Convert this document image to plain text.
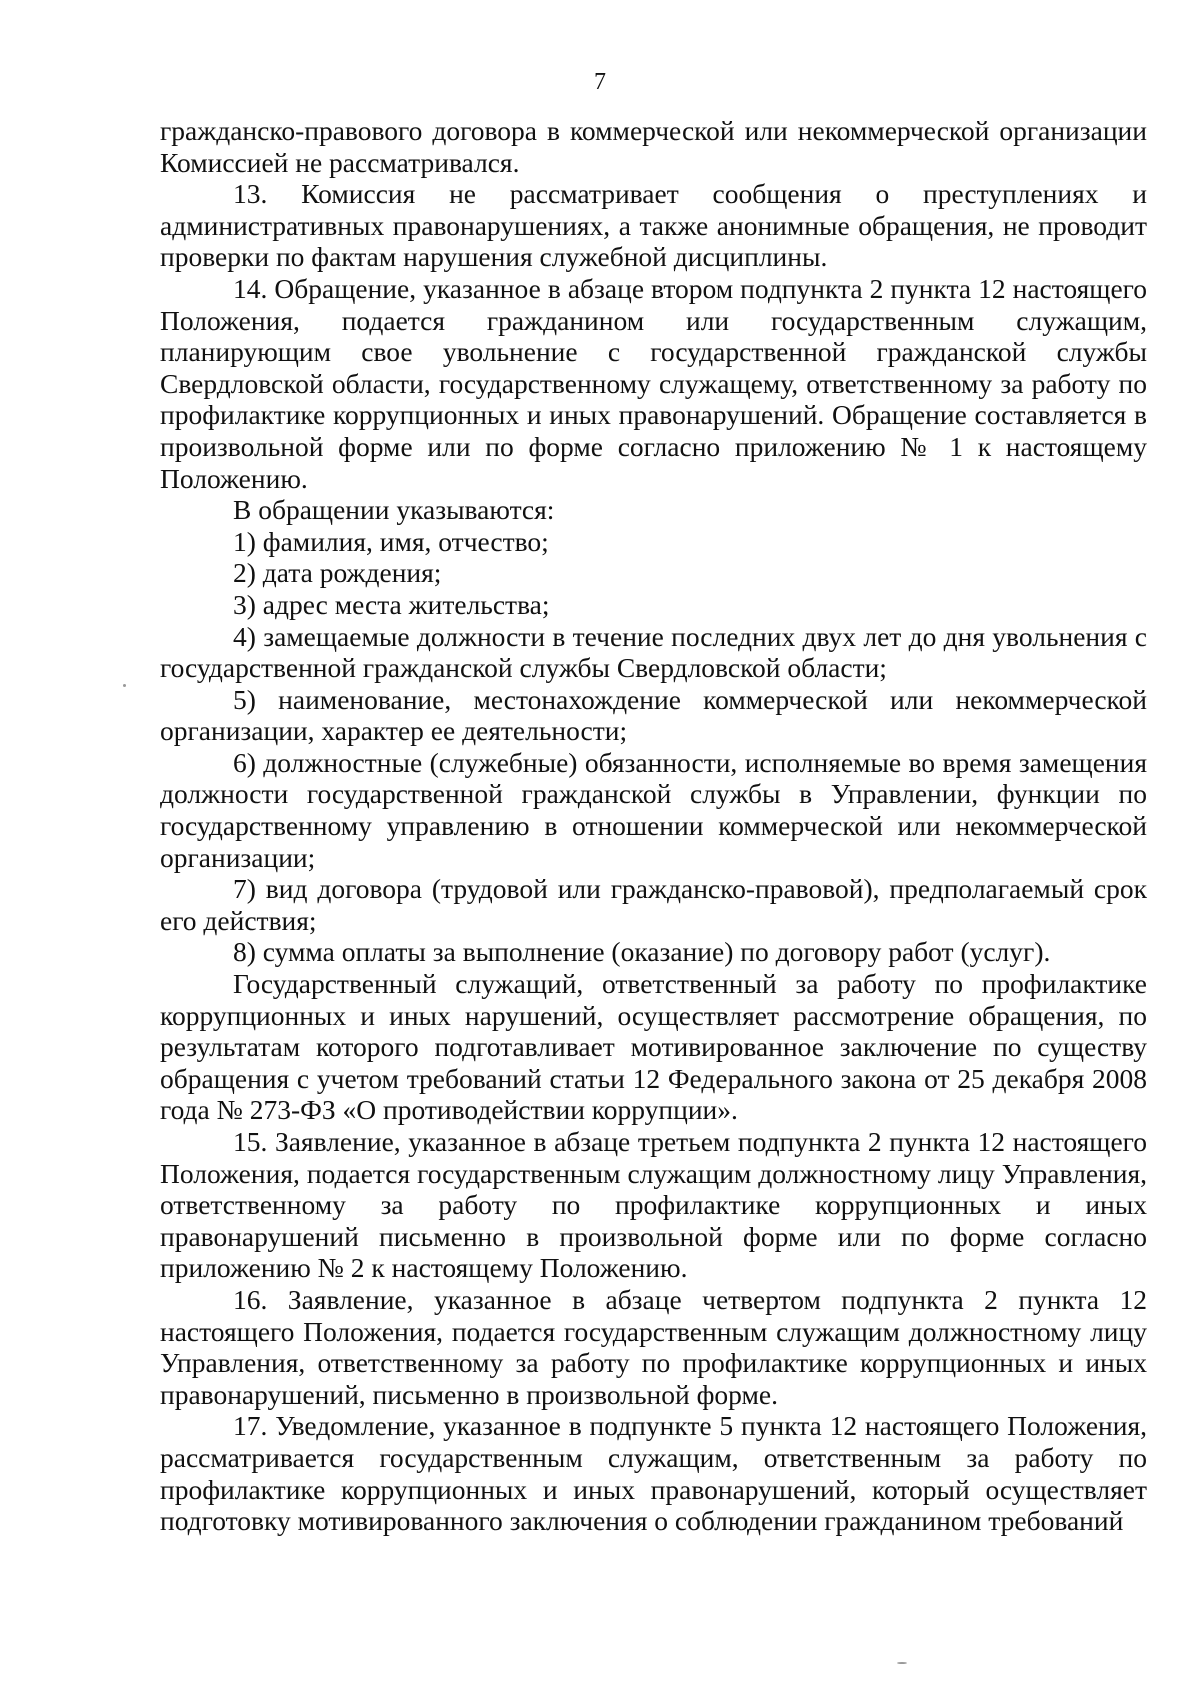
7

гражданско-правового договора в коммерческой или некоммерческой организации Комиссией не рассматривался.

13. Комиссия не рассматривает сообщения о преступлениях и административных правонарушениях, а также анонимные обращения, не проводит проверки по фактам нарушения служебной дисциплины.

14. Обращение, указанное в абзаце втором подпункта 2 пункта 12 настоящего Положения, подается гражданином или государственным служащим, планирующим свое увольнение с государственной гражданской службы Свердловской области, государственному служащему, ответственному за работу по профилактике коррупционных и иных правонарушений. Обращение составляется в произвольной форме или по форме согласно приложению № 1 к настоящему Положению.

В обращении указываются:

1) фамилия, имя, отчество;

2) дата рождения;

3) адрес места жительства;

4) замещаемые должности в течение последних двух лет до дня увольнения с государственной гражданской службы Свердловской области;

5) наименование, местонахождение коммерческой или некоммерческой организации, характер ее деятельности;

6) должностные (служебные) обязанности, исполняемые во время замещения должности государственной гражданской службы в Управлении, функции по государственному управлению в отношении коммерческой или некоммерческой организации;

7) вид договора (трудовой или гражданско-правовой), предполагаемый срок его действия;

8) сумма оплаты за выполнение (оказание) по договору работ (услуг).

Государственный служащий, ответственный за работу по профилактике коррупционных и иных нарушений, осуществляет рассмотрение обращения, по результатам которого подготавливает мотивированное заключение по существу обращения с учетом требований статьи 12 Федерального закона от 25 декабря 2008 года № 273-ФЗ «О противодействии коррупции».

15. Заявление, указанное в абзаце третьем подпункта 2 пункта 12 настоящего Положения, подается государственным служащим должностному лицу Управления, ответственному за работу по профилактике коррупционных и иных правонарушений письменно в произвольной форме или по форме согласно приложению № 2 к настоящему Положению.

16. Заявление, указанное в абзаце четвертом подпункта 2 пункта 12 настоящего Положения, подается государственным служащим должностному лицу Управления, ответственному за работу по профилактике коррупционных и иных правонарушений, письменно в произвольной форме.

17. Уведомление, указанное в подпункте 5 пункта 12 настоящего Положения, рассматривается государственным служащим, ответственным за работу по профилактике коррупционных и иных правонарушений, который осуществляет подготовку мотивированного заключения о соблюдении гражданином требований
